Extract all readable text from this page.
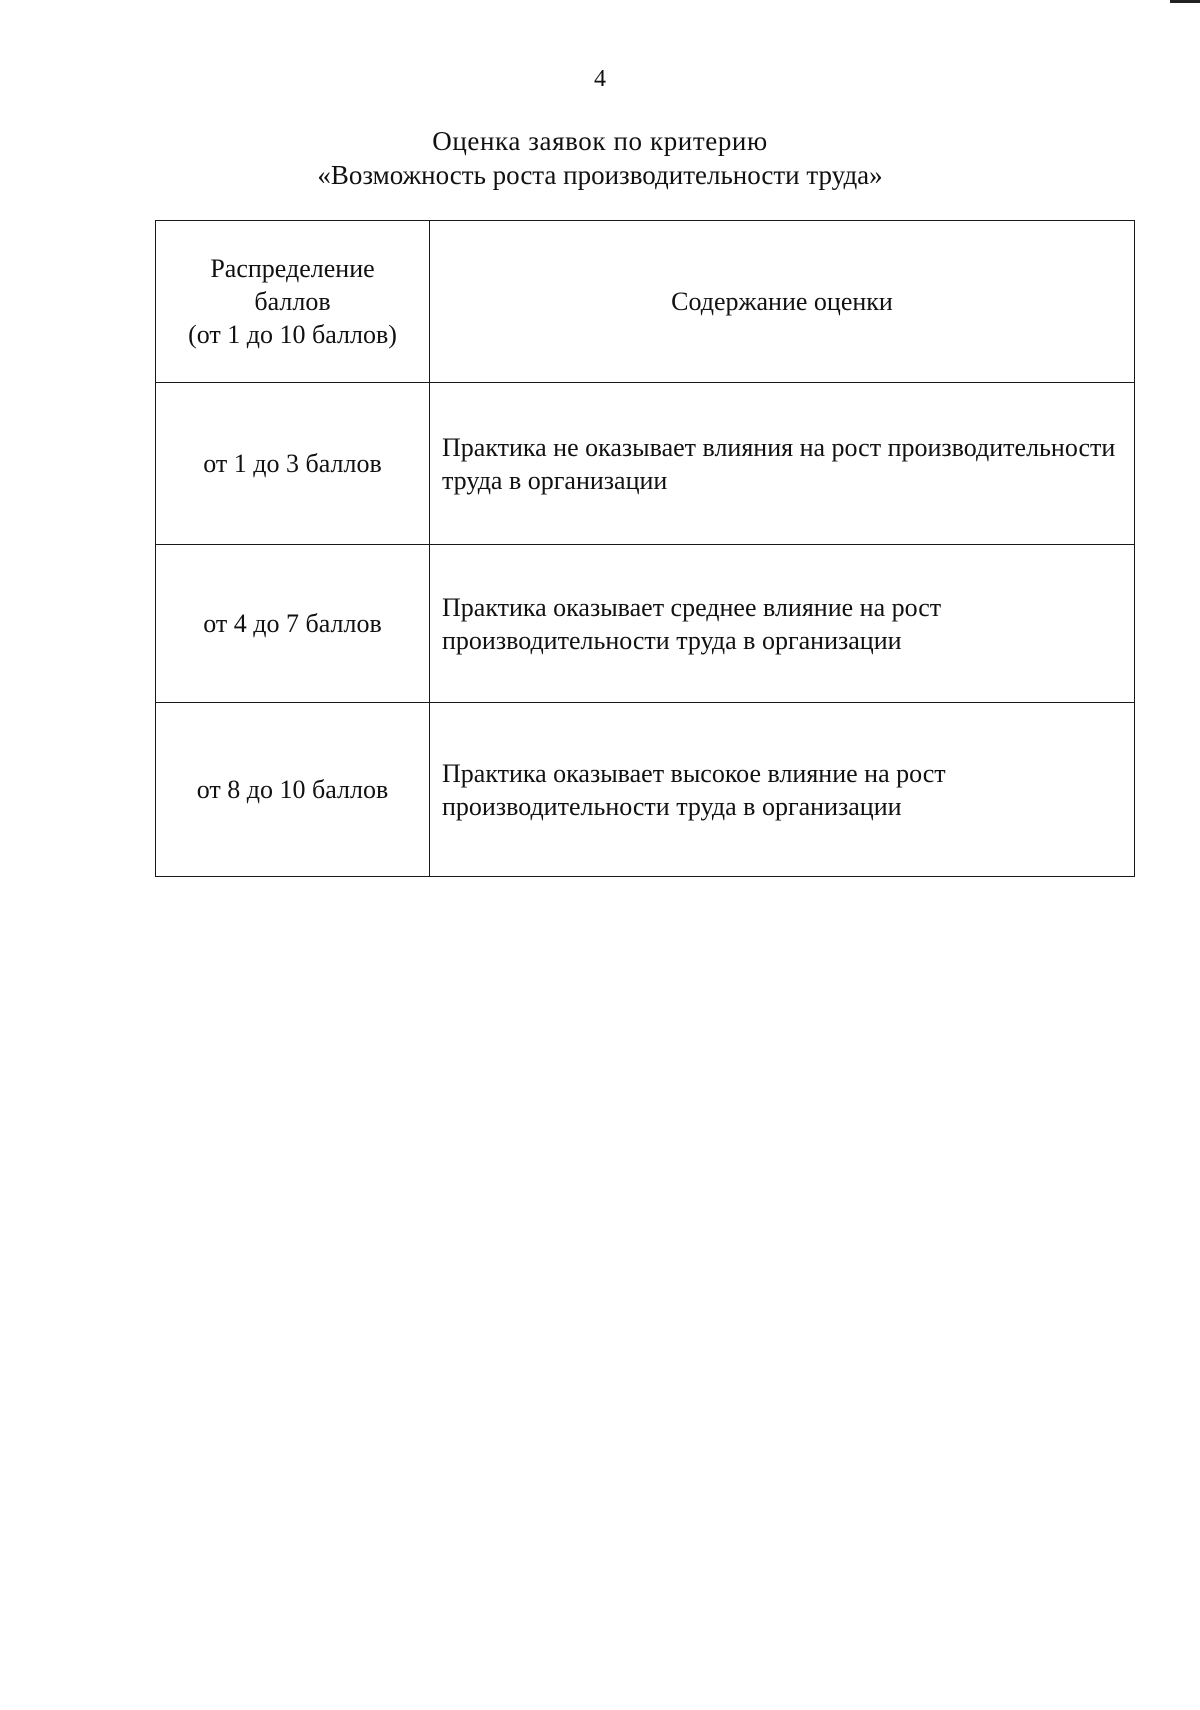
4
Оценка заявок по критерию
«Возможность роста производительности труда»
Распределение
баллов
(от 1 до 10 баллов)	Содержание оценки
от 1 до 3 баллов	Практика не оказывает влияния на рост производительности труда в организации
от 4 до 7 баллов	Практика оказывает среднее влияние на рост производительности труда в организации
от 8 до 10 баллов	Практика оказывает высокое влияние на рост производительности труда в организации
